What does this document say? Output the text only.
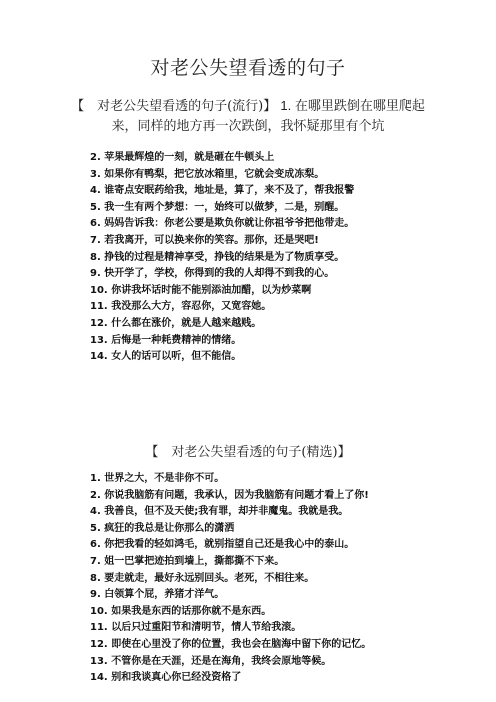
对老公失望看透的句子
【　对老公失望看透的句子(流行)】 1. 在哪里跌倒在哪里爬起来，同样的地方再一次跌倒，我怀疑那里有个坑
2. 苹果最辉煌的一刻，就是砸在牛顿头上
3. 如果你有鸭梨，把它放冰箱里，它就会变成冻梨。
4. 谁寄点安眠药给我，地址是，算了，来不及了，帮我报警
5. 我一生有两个梦想：一，始终可以做梦，二是，别醒。
6. 妈妈告诉我：你老公要是欺负你就让你祖爷爷把他带走。
7. 若我离开，可以换来你的笑容。那你，还是哭吧!
8. 挣钱的过程是精神享受，挣钱的结果是为了物质享受。
9. 快开学了，学校，你得到的我的人却得不到我的心。
10. 你讲我坏话时能不能别添油加醋，以为炒菜啊
11. 我没那么大方，容忍你，又宽容她。
12. 什么都在涨价，就是人越来越贱。
13. 后悔是一种耗费精神的情绪。
14. 女人的话可以听，但不能信。
【　对老公失望看透的句子(精选)】
1. 世界之大，不是非你不可。
2. 你说我脑筋有问题，我承认，因为我脑筋有问题才看上了你!
4. 我善良，但不及天使;我有罪，却并非魔鬼。我就是我。
5. 疯狂的我总是让你那么的潇洒
6. 你把我看的轻如鸿毛，就别指望自己还是我心中的泰山。
7. 姐一巴掌把迹拍到墙上，撕都撕不下来。
8. 要走就走，最好永远别回头。老死，不相往来。
9. 白领算个屁，养猪才洋气。
10. 如果我是东西的话那你就不是东西。
11. 以后只过重阳节和清明节，情人节给我滚。
12. 即使在心里没了你的位置，我也会在脑海中留下你的记忆。
13. 不管你是在天涯，还是在海角，我终会原地等候。
14. 别和我谈真心你已经没资格了
